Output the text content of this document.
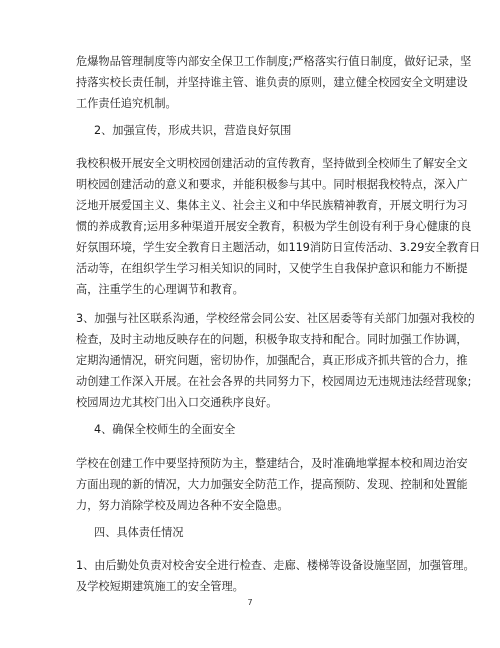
危爆物品管理制度等内部安全保卫工作制度;严格落实行值日制度，做好记录，坚
持落实校长责任制，并坚持谁主管、谁负责的原则，建立健全校园安全文明建设
工作责任追究机制。
2、加强宣传，形成共识，营造良好氛围
我校积极开展安全文明校园创建活动的宣传教育，坚持做到全校师生了解安全文
明校园创建活动的意义和要求，并能积极参与其中。同时根据我校特点，深入广
泛地开展爱国主义、集体主义、社会主义和中华民族精神教育，开展文明行为习
惯的养成教育;运用多种渠道开展安全教育，积极为学生创设有利于身心健康的良
好氛围环境，学生安全教育日主题活动，如119消防日宣传活动、3.29安全教育日
活动等，在组织学生学习相关知识的同时，又使学生自我保护意识和能力不断提
高，注重学生的心理调节和教育。
3、加强与社区联系沟通，学校经常会同公安、社区居委等有关部门加强对我校的
检查，及时主动地反映存在的问题，积极争取支持和配合。同时加强工作协调，
定期沟通情况，研究问题，密切协作，加强配合，真正形成齐抓共管的合力，推
动创建工作深入开展。在社会各界的共同努力下，校园周边无违规违法经营现象;
校园周边尤其校门出入口交通秩序良好。
4、确保全校师生的全面安全
学校在创建工作中要坚持预防为主，整建结合，及时准确地掌握本校和周边治安
方面出现的新的情况，大力加强安全防范工作，提高预防、发现、控制和处置能
力，努力消除学校及周边各种不安全隐患。
四、具体责任情况
1、由后勤处负责对校舍安全进行检查、走廊、楼梯等设备设施坚固，加强管理。
及学校短期建筑施工的安全管理。
7
